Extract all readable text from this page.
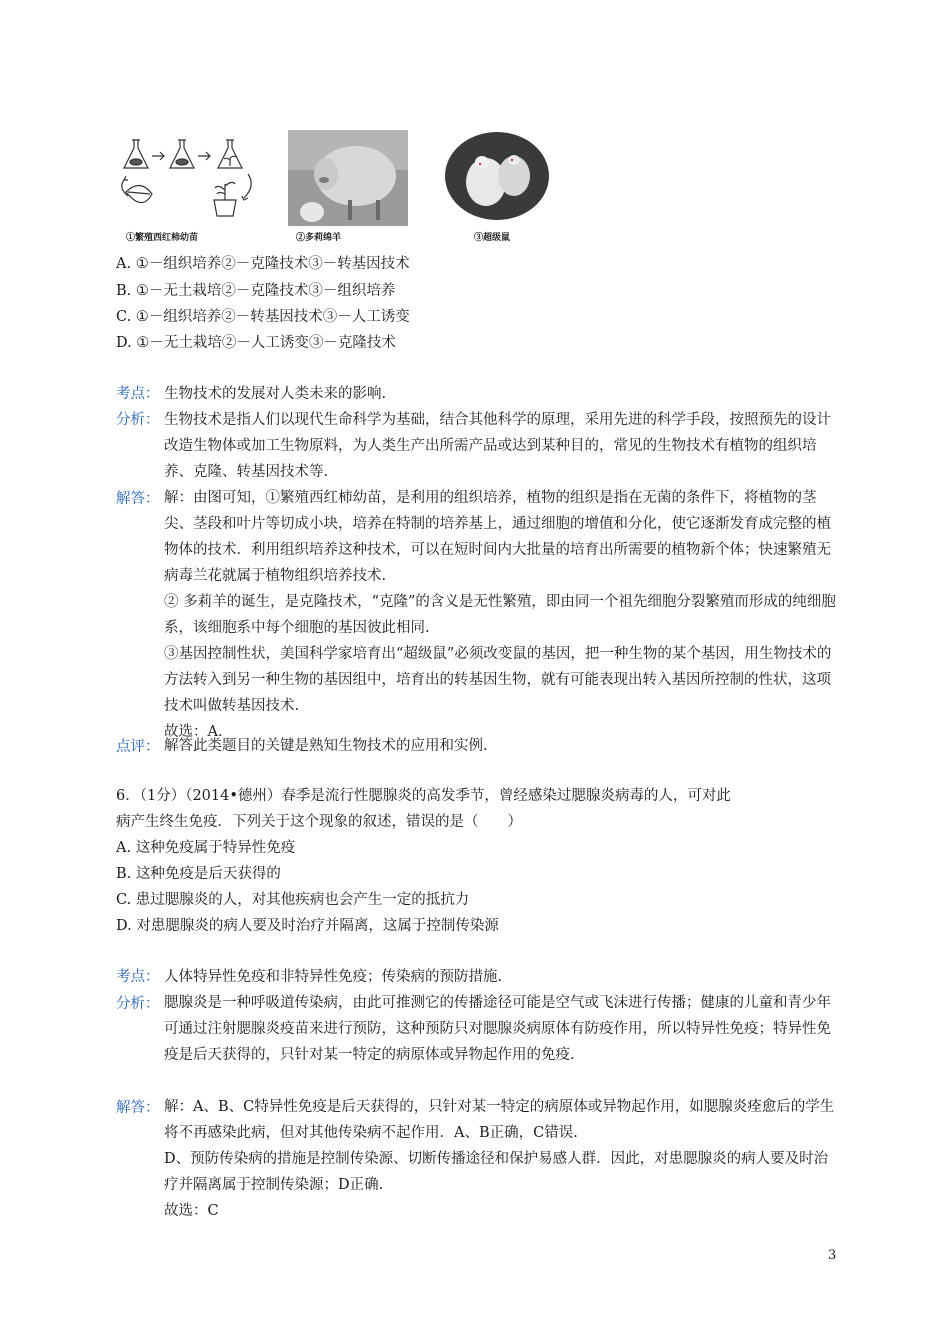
①繁殖西红柿幼苗	②多莉绵羊	③超级鼠
A. ①－组织培养②－克隆技术③－转基因技术
B. ①－无土栽培②－克隆技术③－组织培养
C. ①－组织培养②－转基因技术③－人工诱变
D. ①－无土栽培②－人工诱变③－克隆技术
考点： 生物技术的发展对人类未来的影响.

分析： 生物技术是指人们以现代生命科学为基础，结合其他科学的原理，采用先进的科学手段，按照预先的设计改造生物体或加工生物原料，为人类生产出所需产品或达到某种目的，常见的生物技术有植物的组织培养、克隆、转基因技术等.

解答： 解：由图可知，①繁殖西红柿幼苗，是利用的组织培养，植物的组织是指在无菌的条件下，将植物的茎尖、茎段和叶片等切成小块，培养在特制的培养基上，通过细胞的增值和分化，使它逐渐发育成完整的植物体的技术．利用组织培养这种技术，可以在短时间内大批量的培育出所需要的植物新个体；快速繁殖无病毒兰花就属于植物组织培养技术.

② 多莉羊的诞生，是克隆技术，“克隆”的含义是无性繁殖，即由同一个祖先细胞分裂繁殖而形成的纯细胞系，该细胞系中每个细胞的基因彼此相同.

③基因控制性状，美国科学家培育出“超级鼠”必须改变鼠的基因，把一种生物的某个基因，用生物技术的方法转入到另一种生物的基因组中，培育出的转基因生物，就有可能表现出转入基因所控制的性状，这项技术叫做转基因技术.

故选：A.

点评： 解答此类题目的关键是熟知生物技术的应用和实例.

6．（1分）（2014•德州）春季是流行性腮腺炎的高发季节，曾经感染过腮腺炎病毒的人，可对此
病产生终生免疫．下列关于这个现象的叙述，错误的是（　　）
A. 这种免疫属于特异性免疫
B. 这种免疫是后天获得的
C. 患过腮腺炎的人，对其他疾病也会产生一定的抵抗力
D. 对患腮腺炎的病人要及时治疗并隔离，这属于控制传染源
考点： 人体特异性免疫和非特异性免疫；传染病的预防措施.

分析： 腮腺炎是一种呼吸道传染病，由此可推测它的传播途径可能是空气或飞沫进行传播；健康的儿童和青少年可通过注射腮腺炎疫苗来进行预防，这种预防只对腮腺炎病原体有防疫作用，所以特异性免疫；特异性免疫是后天获得的，只针对某一特定的病原体或异物起作用的免疫.

解答： 解：A、B、C特异性免疫是后天获得的，只针对某一特定的病原体或异物起作用，如腮腺炎痊愈后的学生将不再感染此病，但对其他传染病不起作用．A、B正确，C错误.

D、预防传染病的措施是控制传染源、切断传播途径和保护易感人群．因此，对患腮腺炎的病人要及时治疗并隔离属于控制传染源；D正确.

故选：C

3
